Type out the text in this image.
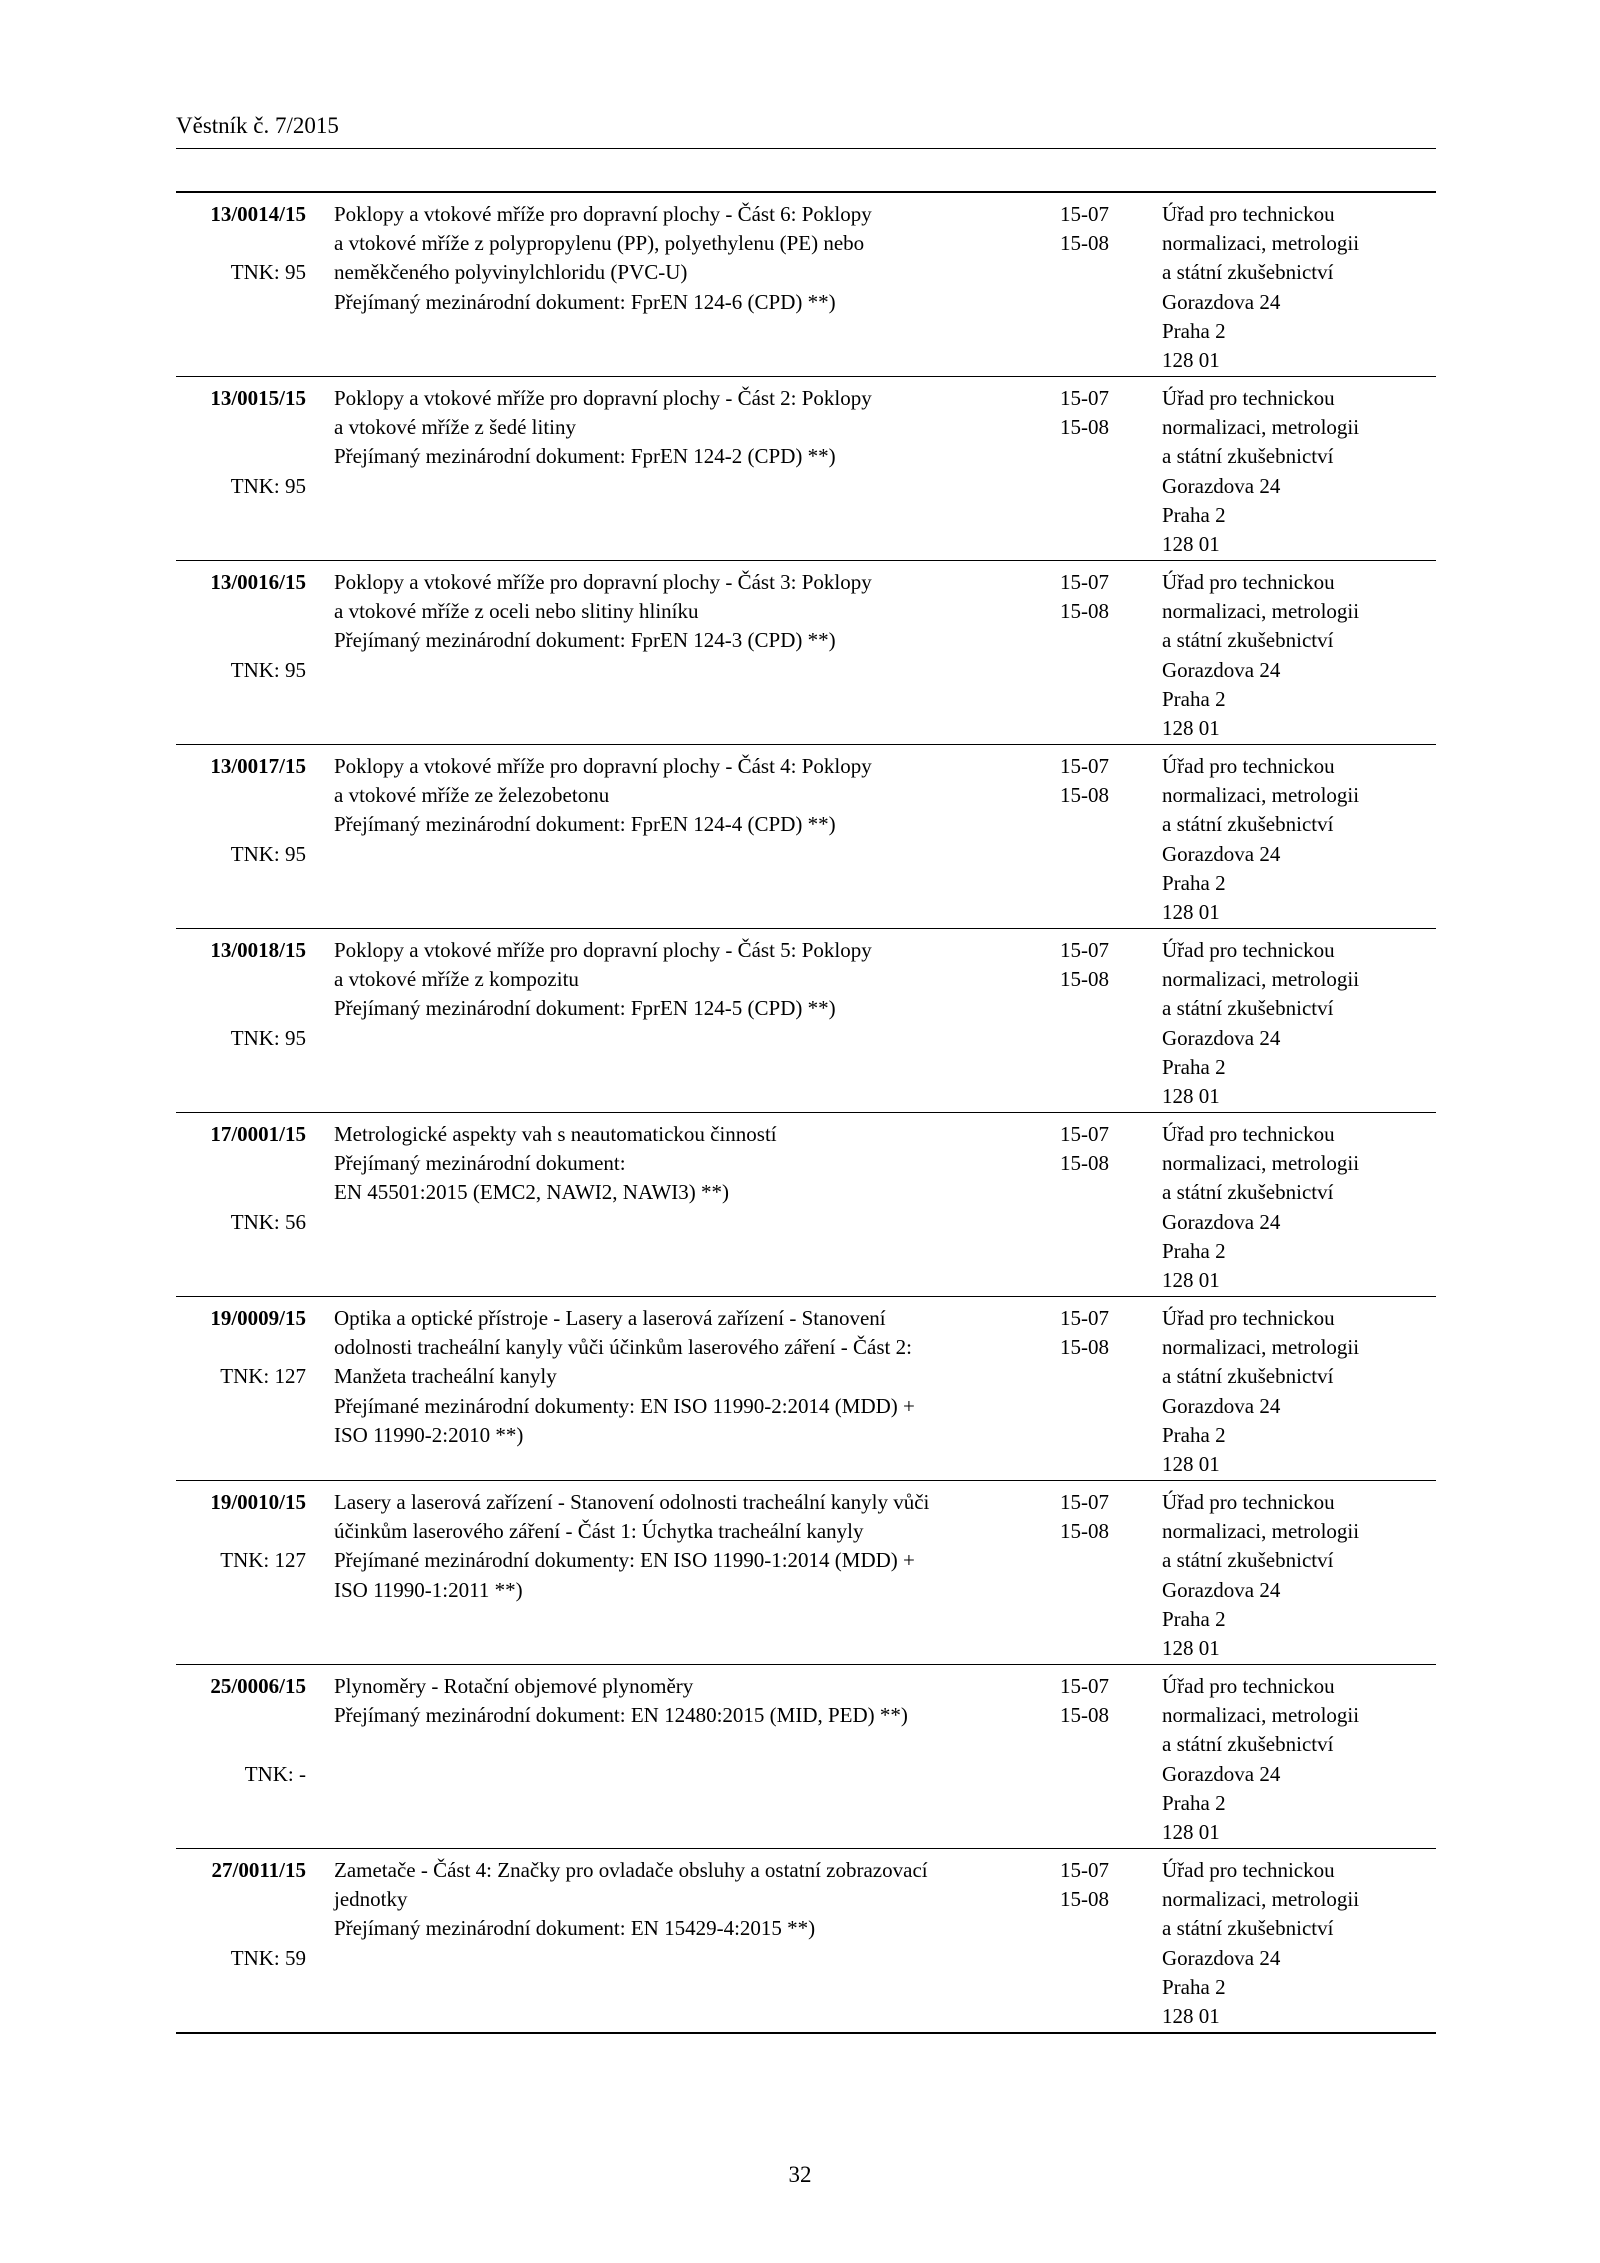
Věstník č. 7/2015
13/0014/15
TNK: 95
Poklopy a vtokové mříže pro dopravní plochy - Část 6: Poklopy
a vtokové mříže z polypropylenu (PP), polyethylenu (PE) nebo
neměkčeného polyvinylchloridu (PVC-U)
Přejímaný mezinárodní dokument: FprEN 124-6 (CPD) **)
15-07
15-08
Úřad pro technickou
normalizaci, metrologii
a státní zkušebnictví
Gorazdova 24
Praha 2
128 01
13/0015/15
TNK: 95
Poklopy a vtokové mříže pro dopravní plochy - Část 2: Poklopy
a vtokové mříže z šedé litiny
Přejímaný mezinárodní dokument: FprEN 124-2 (CPD) **)
15-07
15-08
Úřad pro technickou
normalizaci, metrologii
a státní zkušebnictví
Gorazdova 24
Praha 2
128 01
13/0016/15
TNK: 95
Poklopy a vtokové mříže pro dopravní plochy - Část 3: Poklopy
a vtokové mříže z oceli nebo slitiny hliníku
Přejímaný mezinárodní dokument: FprEN 124-3 (CPD) **)
15-07
15-08
Úřad pro technickou
normalizaci, metrologii
a státní zkušebnictví
Gorazdova 24
Praha 2
128 01
13/0017/15
TNK: 95
Poklopy a vtokové mříže pro dopravní plochy - Část 4: Poklopy
a vtokové mříže ze železobetonu
Přejímaný mezinárodní dokument: FprEN 124-4 (CPD) **)
15-07
15-08
Úřad pro technickou
normalizaci, metrologii
a státní zkušebnictví
Gorazdova 24
Praha 2
128 01
13/0018/15
TNK: 95
Poklopy a vtokové mříže pro dopravní plochy - Část 5: Poklopy
a vtokové mříže z kompozitu
Přejímaný mezinárodní dokument: FprEN 124-5 (CPD) **)
15-07
15-08
Úřad pro technickou
normalizaci, metrologii
a státní zkušebnictví
Gorazdova 24
Praha 2
128 01
17/0001/15
TNK: 56
Metrologické aspekty vah s neautomatickou činností
Přejímaný mezinárodní dokument:
EN 45501:2015 (EMC2, NAWI2, NAWI3) **)
15-07
15-08
Úřad pro technickou
normalizaci, metrologii
a státní zkušebnictví
Gorazdova 24
Praha 2
128 01
19/0009/15
TNK: 127
Optika a optické přístroje - Lasery a laserová zařízení - Stanovení
odolnosti tracheální kanyly vůči účinkům laserového záření - Část 2:
Manžeta tracheální kanyly
Přejímané mezinárodní dokumenty: EN ISO 11990-2:2014 (MDD) +
ISO 11990-2:2010 **)
15-07
15-08
Úřad pro technickou
normalizaci, metrologii
a státní zkušebnictví
Gorazdova 24
Praha 2
128 01
19/0010/15
TNK: 127
Lasery a laserová zařízení - Stanovení odolnosti tracheální kanyly vůči
účinkům laserového záření - Část 1: Úchytka tracheální kanyly
Přejímané mezinárodní dokumenty: EN ISO 11990-1:2014 (MDD) +
ISO 11990-1:2011 **)
15-07
15-08
Úřad pro technickou
normalizaci, metrologii
a státní zkušebnictví
Gorazdova 24
Praha 2
128 01
25/0006/15
TNK: -
Plynoměry - Rotační objemové plynoměry
Přejímaný mezinárodní dokument: EN 12480:2015 (MID, PED) **)
15-07
15-08
Úřad pro technickou
normalizaci, metrologii
a státní zkušebnictví
Gorazdova 24
Praha 2
128 01
27/0011/15
TNK: 59
Zametače - Část 4: Značky pro ovladače obsluhy a ostatní zobrazovací
jednotky
Přejímaný mezinárodní dokument: EN 15429-4:2015 **)
15-07
15-08
Úřad pro technickou
normalizaci, metrologii
a státní zkušebnictví
Gorazdova 24
Praha 2
128 01
32
